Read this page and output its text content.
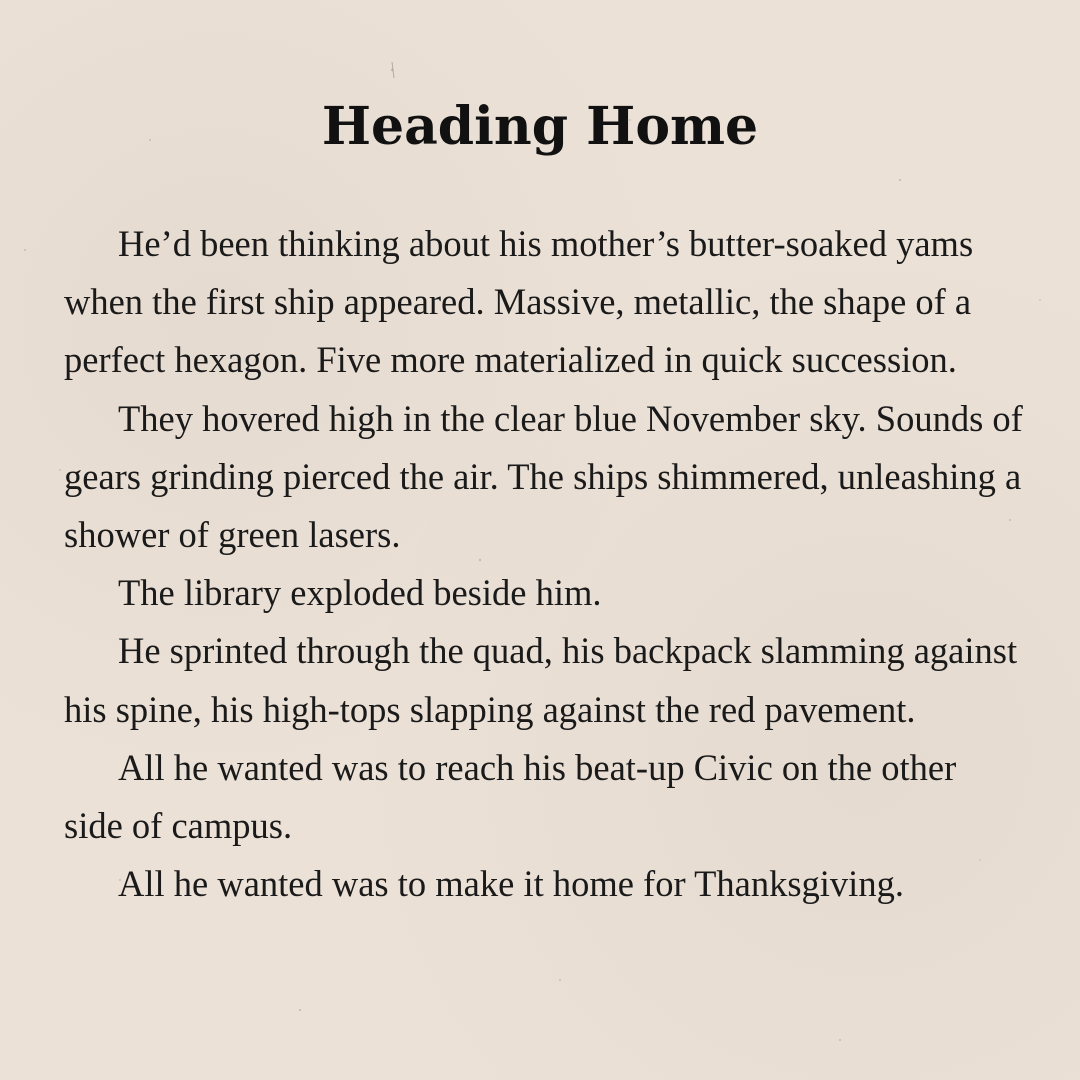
Heading Home

He’d been thinking about his mother’s butter-soaked yams when the first ship appeared. Massive, metallic, the shape of a perfect hexagon. Five more materialized in quick succession.

They hovered high in the clear blue November sky. Sounds of gears grinding pierced the air. The ships shimmered, unleashing a shower of green lasers.

The library exploded beside him.

He sprinted through the quad, his backpack slamming against his spine, his high-tops slapping against the red pavement.

All he wanted was to reach his beat-up Civic on the other side of campus.

All he wanted was to make it home for Thanksgiving.
